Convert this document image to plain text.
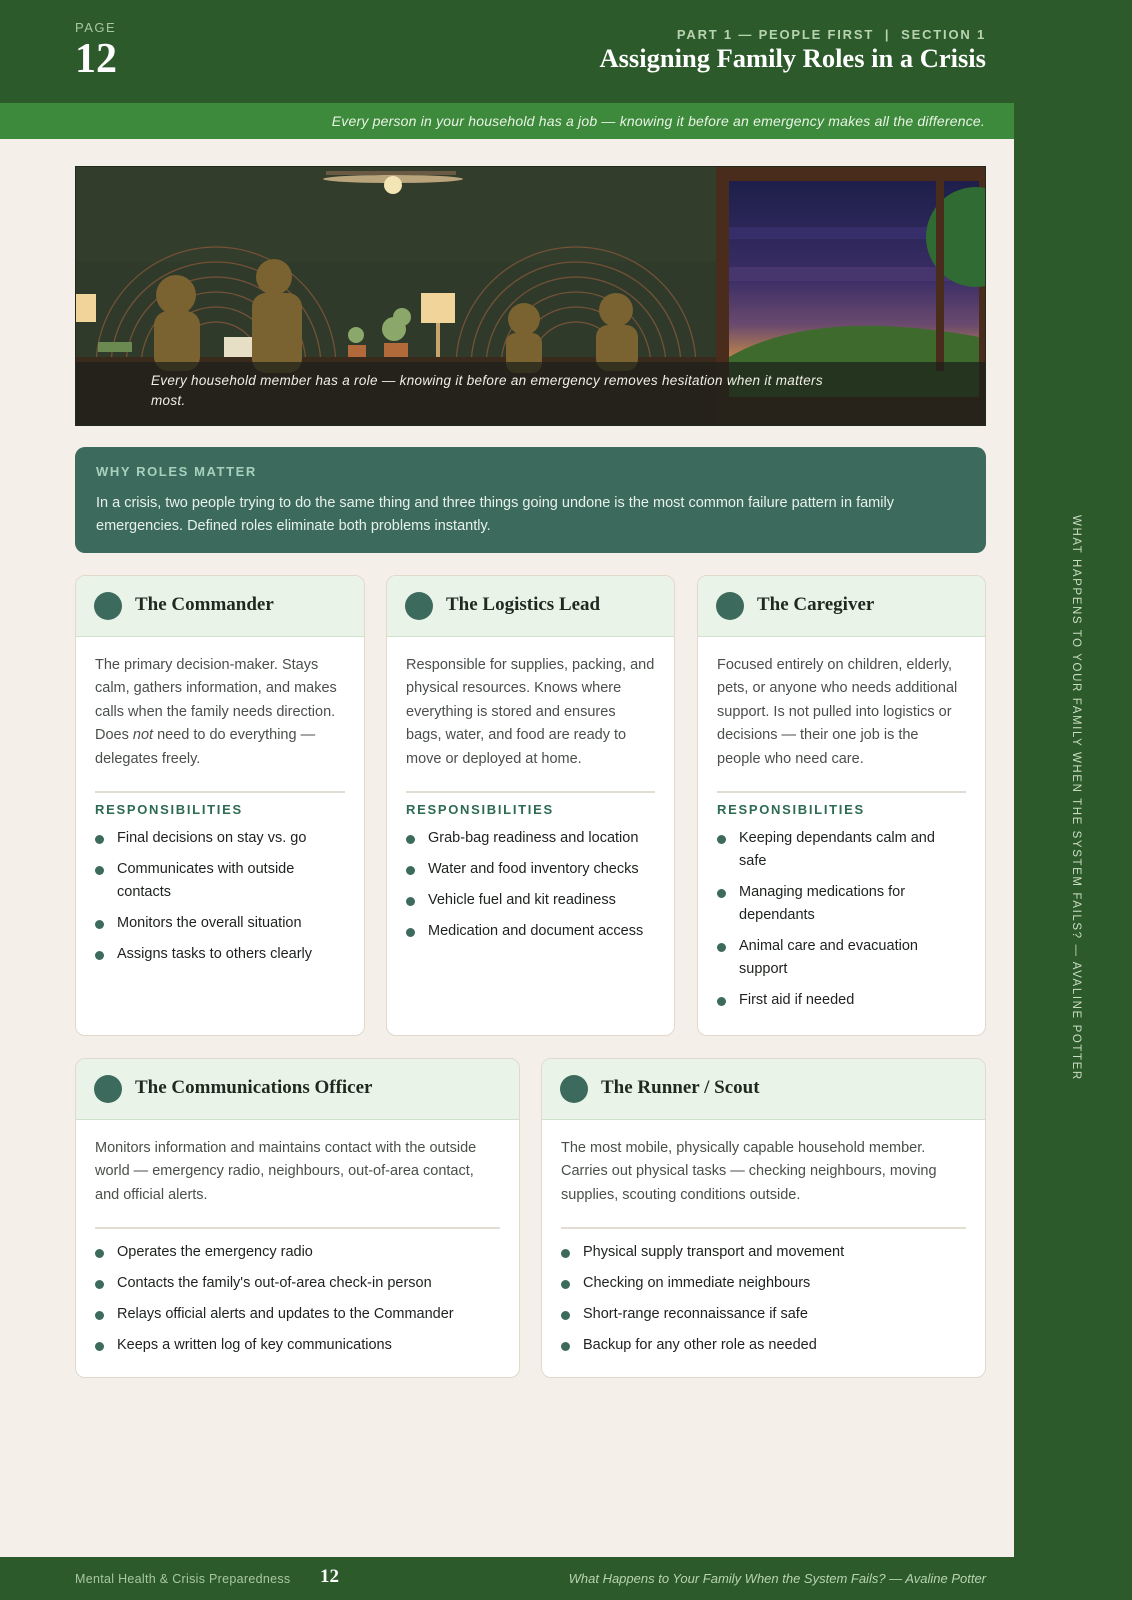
WHAT HAPPENS TO YOUR FAMILY WHEN THE SYSTEM FAILS? — AVALINE POTTER
PAGE
12
PART 1 — PEOPLE FIRST  |  SECTION 1
Assigning Family Roles in a Crisis
Every person in your household has a job — knowing it before an emergency makes all the difference.
Every household member has a role — knowing it before an emergency removes hesitation when it matters most.
WHY ROLES MATTER
In a crisis, two people trying to do the same thing and three things going undone is the most common failure pattern in family emergencies. Defined roles eliminate both problems instantly.
The Commander
The primary decision-maker. Stays calm, gathers information, and makes calls when the family needs direction. Does not need to do everything — delegates freely.
RESPONSIBILITIES
Final decisions on stay vs. go
Communicates with outside contacts
Monitors the overall situation
Assigns tasks to others clearly
The Logistics Lead
Responsible for supplies, packing, and physical resources. Knows where everything is stored and ensures bags, water, and food are ready to move or deployed at home.
RESPONSIBILITIES
Grab-bag readiness and location
Water and food inventory checks
Vehicle fuel and kit readiness
Medication and document access
The Caregiver
Focused entirely on children, elderly, pets, or anyone who needs additional support. Is not pulled into logistics or decisions — their one job is the people who need care.
RESPONSIBILITIES
Keeping dependants calm and safe
Managing medications for dependants
Animal care and evacuation support
First aid if needed
The Communications Officer
Monitors information and maintains contact with the outside world — emergency radio, neighbours, out-of-area contact, and official alerts.
Operates the emergency radio
Contacts the family's out-of-area check-in person
Relays official alerts and updates to the Commander
Keeps a written log of key communications
The Runner / Scout
The most mobile, physically capable household member. Carries out physical tasks — checking neighbours, moving supplies, scouting conditions outside.
Physical supply transport and movement
Checking on immediate neighbours
Short-range reconnaissance if safe
Backup for any other role as needed
Mental Health & Crisis Preparedness 12	What Happens to Your Family When the System Fails? — Avaline Potter
